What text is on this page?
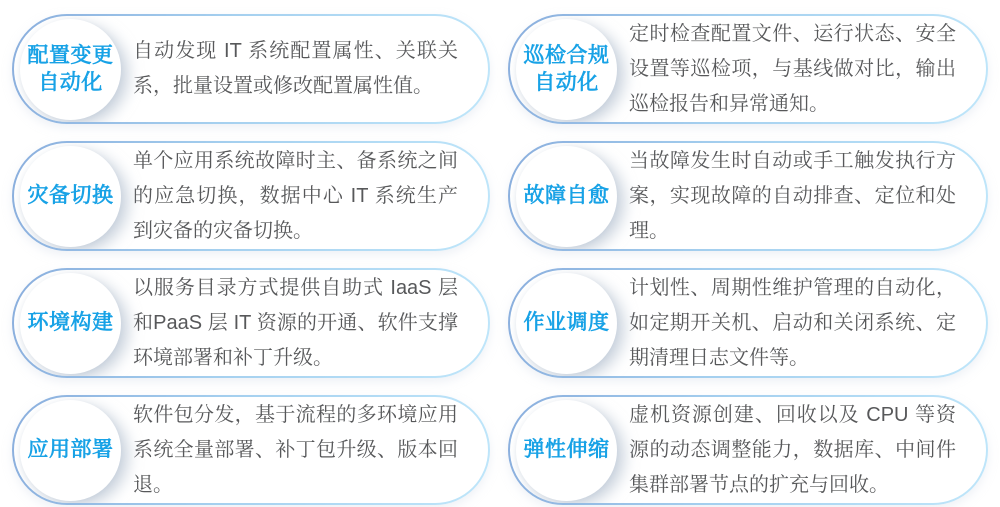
配置变更
自动化
自动发现 IT 系统配置属性、关联关系，批量设置或修改配置属性值。
巡检合规
自动化
定时检查配置文件、运行状态、安全设置等巡检项，与基线做对比，输出巡检报告和异常通知。
灾备切换
单个应用系统故障时主、备系统之间的应急切换，数据中心 IT 系统生产到灾备的灾备切换。
故障自愈
当故障发生时自动或手工触发执行方案，实现故障的自动排查、定位和处理。
环境构建
以服务目录方式提供自助式 IaaS 层和PaaS 层 IT 资源的开通、软件支撑环境部署和补丁升级。
作业调度
计划性、周期性维护管理的自动化，如定期开关机、启动和关闭系统、定期清理日志文件等。
应用部署
软件包分发，基于流程的多环境应用系统全量部署、补丁包升级、版本回退。
弹性伸缩
虚机资源创建、回收以及 CPU 等资源的动态调整能力，数据库、中间件集群部署节点的扩充与回收。
